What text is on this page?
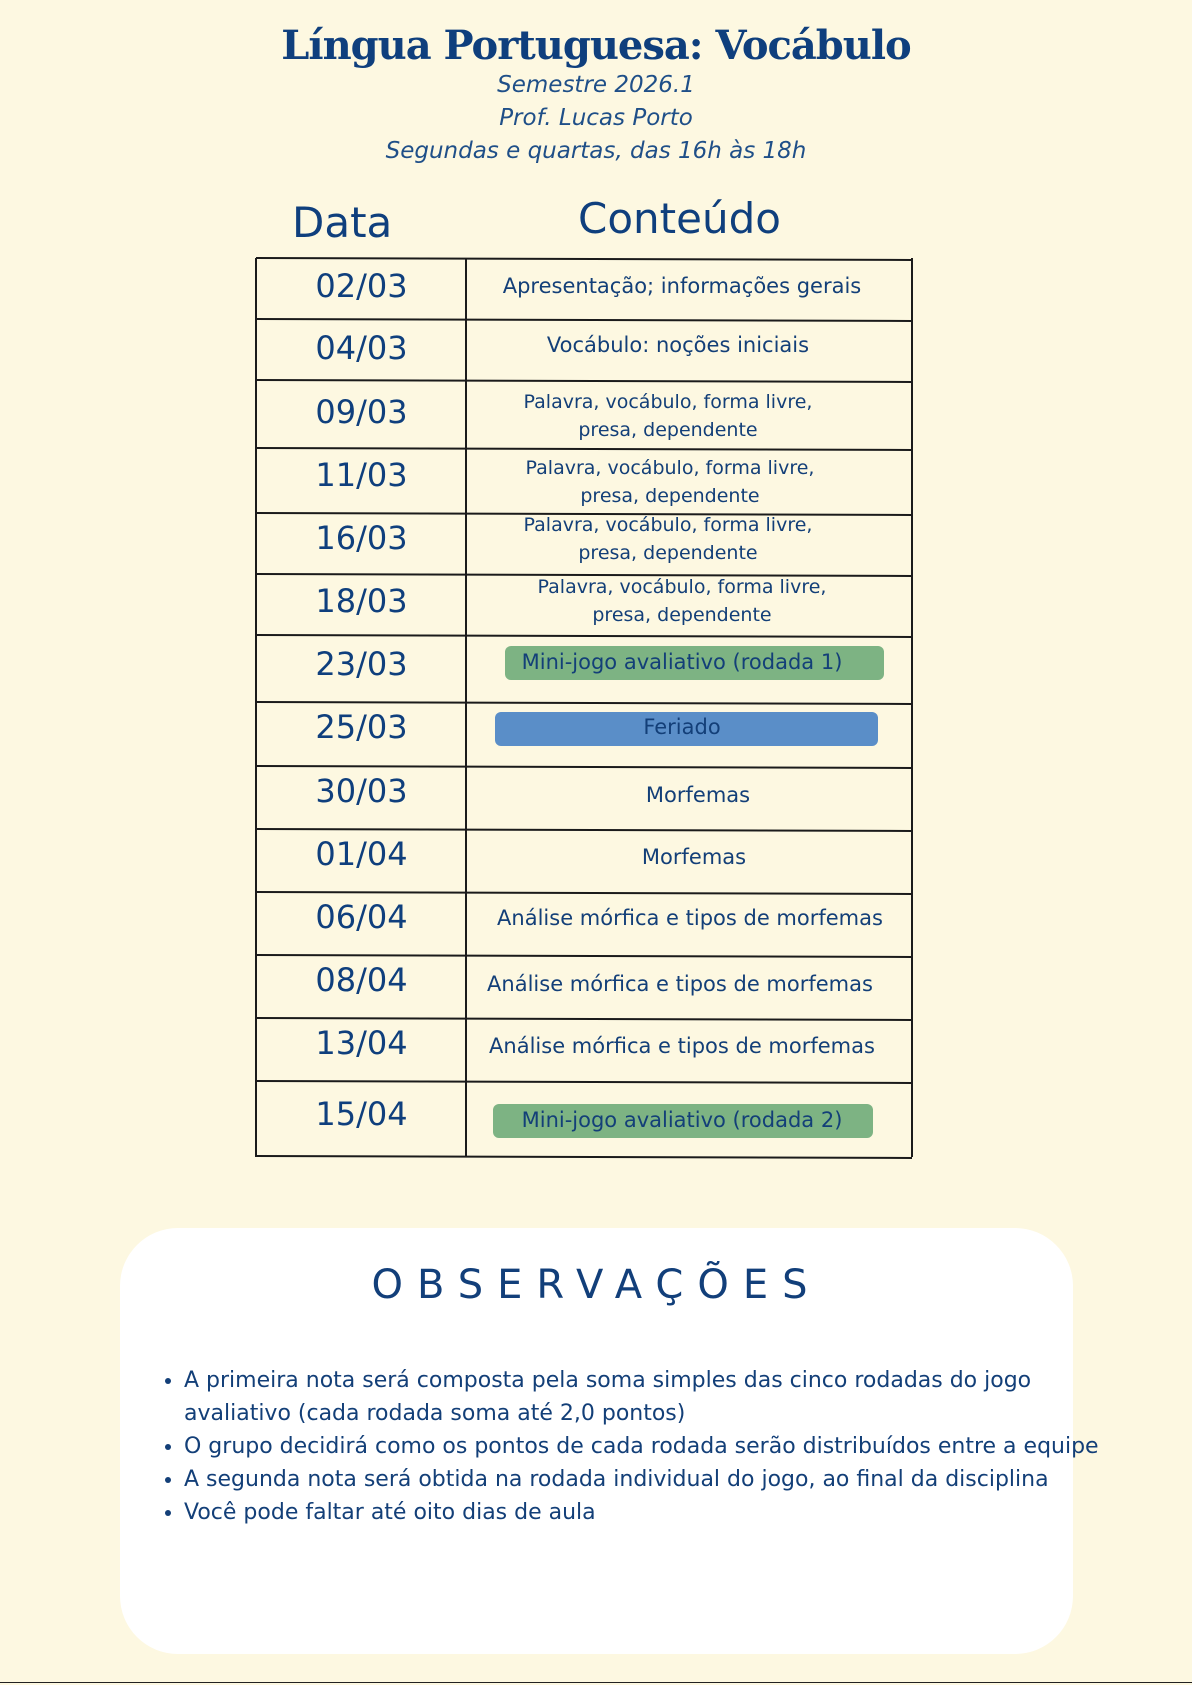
Língua Portuguesa: Vocábulo
Semestre 2026.1
Prof. Lucas Porto
Segundas e quartas, das 16h às 18h
Data	Conteúdo
02/03	Apresentação; informações gerais
04/03	Vocábulo: noções iniciais
09/03	Palavra, vocábulo, forma livre,
presa, dependente
11/03	Palavra, vocábulo, forma livre,
presa, dependente
16/03	Palavra, vocábulo, forma livre,
presa, dependente
18/03	Palavra, vocábulo, forma livre,
presa, dependente
23/03	Mini-jogo avaliativo (rodada 1)
25/03	Feriado
30/03	Morfemas
01/04	Morfemas
06/04	Análise mórfica e tipos de morfemas
08/04	Análise mórfica e tipos de morfemas
13/04	Análise mórfica e tipos de morfemas
15/04	Mini-jogo avaliativo (rodada 2)
OBSERVAÇÕES
• A primeira nota será composta pela soma simples das cinco rodadas do jogo avaliativo (cada rodada soma até 2,0 pontos)
• O grupo decidirá como os pontos de cada rodada serão distribuídos entre a equipe
• A segunda nota será obtida na rodada individual do jogo, ao final da disciplina
• Você pode faltar até oito dias de aula
